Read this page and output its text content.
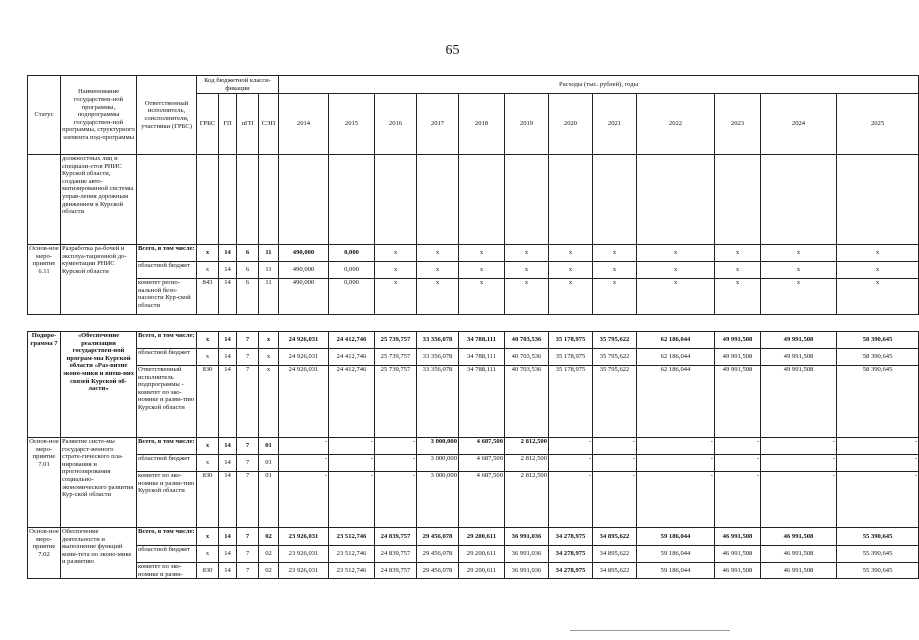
65
Статус	Наименование государствен-ной программы, подпрограммы государствен-ной программы, структурного элемента под-программы	Ответственный исполнитель, соисполнители, участники (ГРБС)	Код бюджетной класси-фикации				Расходы (тыс. рублей), годы											
			ГРБС	ГП	пГП	СЭП	2014	2015	2016	2017	2018	2019	2020	2021	2022	2023	2024	2025
	должностных лиц и специали-стов РНИС Курской области, создание авто-матизированной системы управ-ления дорожным движением в Курской области																	
Основ-ное меро-приятие 6.11	Разработка ра-бочей и эксплуа-тационной до-кументации РНИС Курской области	Всего, в том числе:	x	14	6	11	490,000	0,000	x	x	x	x	x	x	x	x	x	x
		областной бюджет	x	14	6	11	490,000	0,000	x	x	x	x	x	x	x	x	x	x
		комитет регио-нальной безо-пасности Кур-ской области	843	14	6	11	490,000	0,000	x	x	x	x	x	x	x	x	x	x

Подпро-грамма 7	«Обеспечение реализации государствен-ной програм-мы Курской области «Раз-витие эконо-мики и внеш-них связей Курской об-ласти»	Всего, в том числе:	x	14	7	x	24 926,031	24 412,746	25 739,757	33 356,078	34 788,111	40 703,536	35 178,975	35 795,622	62 186,044	49 991,508	49 991,508	58 390,645
		областной бюджет	x	14	7	x	24 926,031	24 412,746	25 739,757	33 356,078	34 788,111	40 703,536	35 178,975	35 795,622	62 186,044	49 991,508	49 991,508	58 390,645
		Ответственный исполнитель подпрограммы - комитет по эко-номике и разви-тию Курской области	830	14	7	x	24 926,031	24 412,746	25 739,757	33 356,078	34 788,111	40 703,536	35 178,975	35 795,622	62 186,044	49 991,508	49 991,508	58 390,645
Основ-ное меро-приятие 7.01	Развитие систе-мы государст-венного страте-гического пла-нирования и прогнозирования социально-экономического развития Кур-ской области	Всего, в том числе:	x	14	7	01	-	-	-	3 000,000	4 687,500	2 812,500	-	-	-	-	-	-
		областной бюджет	x	14	7	01	-	-	-	3 000,000	4 687,500	2 812,500	-	-	-	-	-	-
		комитет по эко-номике и разви-тию Курской области	830	14	7	01	-	-	-	3 000,000	4 687,500	2 812,500	-	-	-	-	-	-
Основ-ное меро-приятие 7.02	Обеспечение деятельности и выполнение функций коми-тета по эконо-мике и развитию	Всего, в том числе:	x	14	7	02	23 926,031	23 512,746	24 839,757	29 456,078	29 200,611	36 991,036	34 278,975	34 895,622	59 186,044	46 991,508	46 991,508	55 390,645
		областной бюджет	x	14	7	02	23 926,031	23 512,746	24 839,757	29 456,078	29 200,611	36 991,036	34 278,975	34 895,622	59 186,044	46 991,508	46 991,508	55 390,645
		комитет по эко-номике и разви-	830	14	7	02	23 926,031	23 512,746	24 839,757	29 456,078	29 200,611	36 991,036	34 278,975	34 895,622	59 186,044	46 991,508	46 991,508	55 390,645
